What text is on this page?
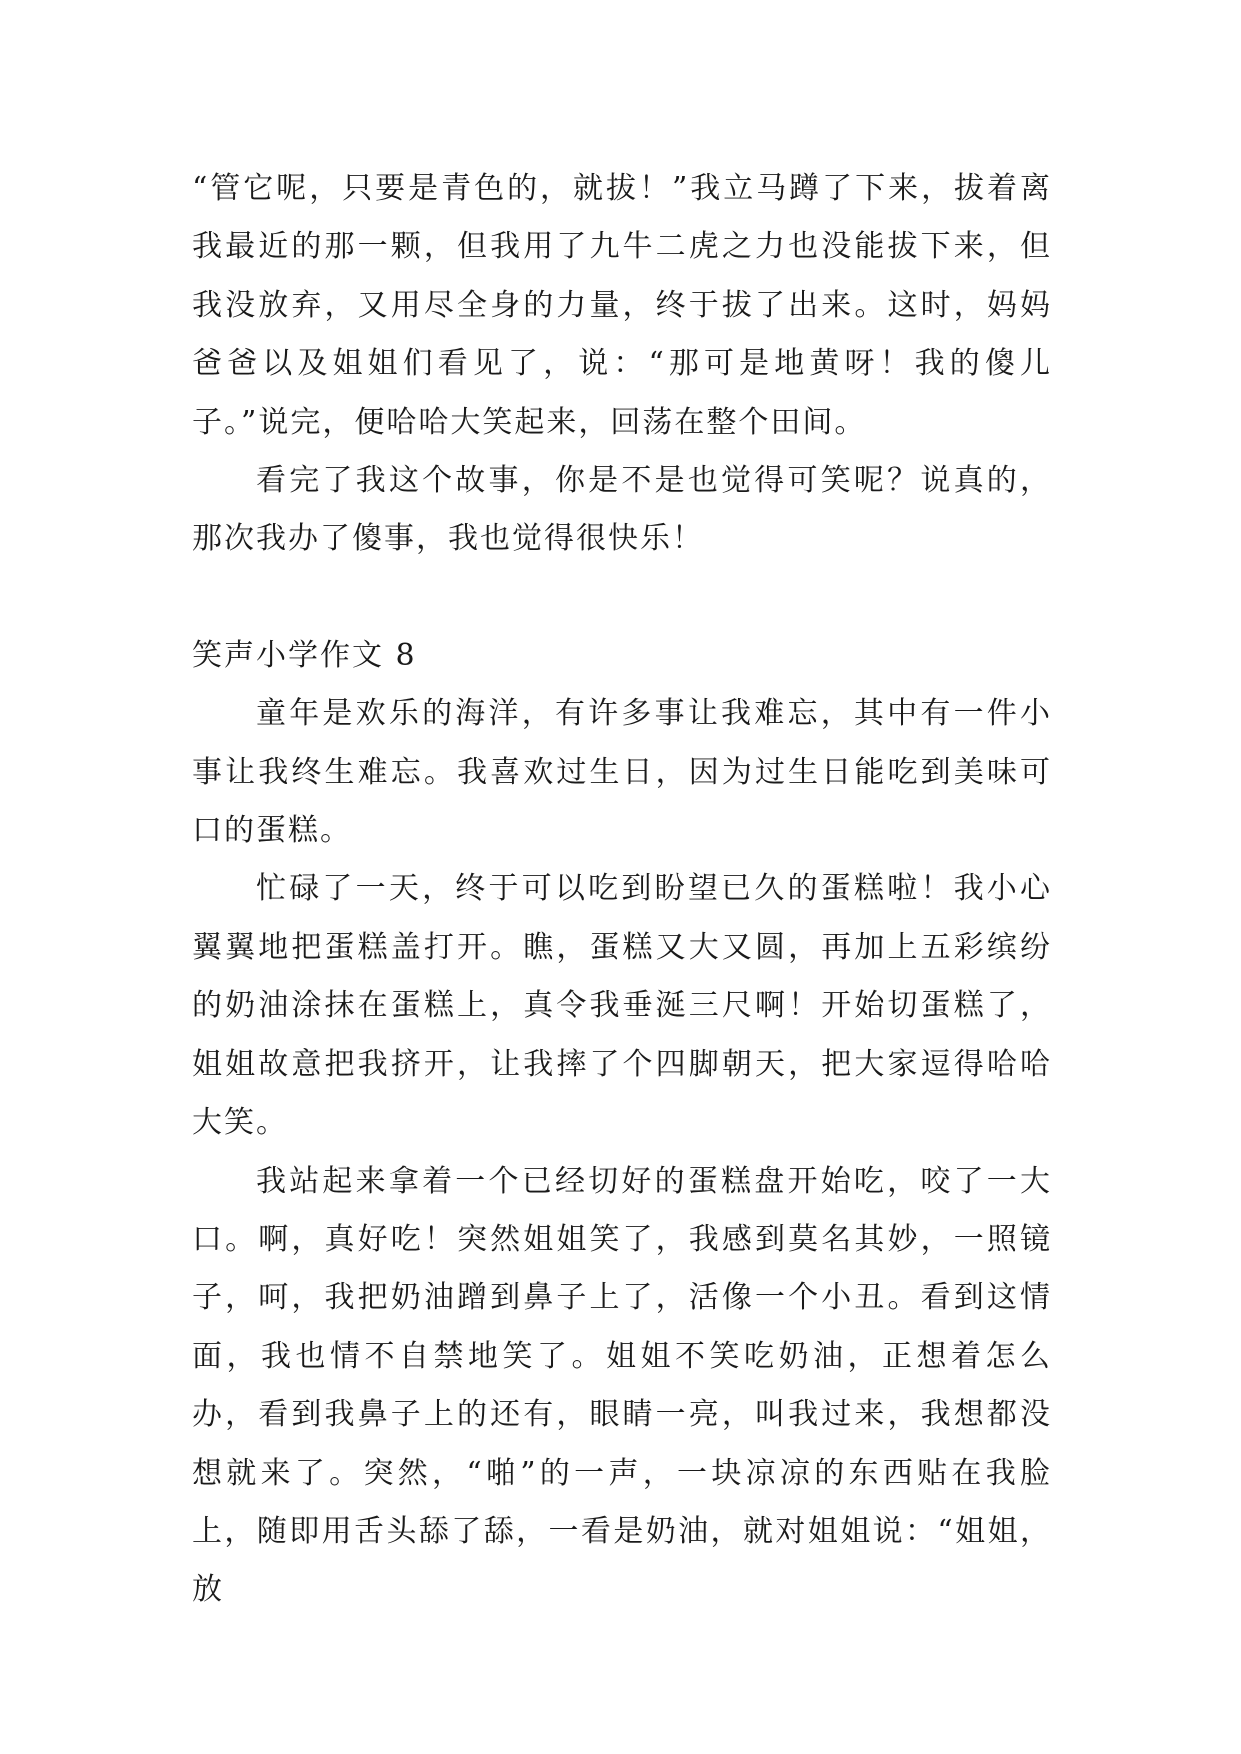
“管它呢，只要是青色的，就拔！”我立马蹲了下来，拔着离我最近的那一颗，但我用了九牛二虎之力也没能拔下来，但我没放弃，又用尽全身的力量，终于拔了出来。这时，妈妈爸爸以及姐姐们看见了，说：“那可是地黄呀！我的傻儿子。”说完，便哈哈大笑起来，回荡在整个田间。

看完了我这个故事，你是不是也觉得可笑呢？说真的，那次我办了傻事，我也觉得很快乐！

笑声小学作文 8

童年是欢乐的海洋，有许多事让我难忘，其中有一件小事让我终生难忘。我喜欢过生日，因为过生日能吃到美味可口的蛋糕。

忙碌了一天，终于可以吃到盼望已久的蛋糕啦！我小心翼翼地把蛋糕盖打开。瞧，蛋糕又大又圆，再加上五彩缤纷的奶油涂抹在蛋糕上，真令我垂涎三尺啊！开始切蛋糕了，姐姐故意把我挤开，让我摔了个四脚朝天，把大家逗得哈哈大笑。

我站起来拿着一个已经切好的蛋糕盘开始吃，咬了一大口。啊，真好吃！突然姐姐笑了，我感到莫名其妙，一照镜子，呵，我把奶油蹭到鼻子上了，活像一个小丑。看到这情面，我也情不自禁地笑了。姐姐不笑吃奶油，正想着怎么办，看到我鼻子上的还有，眼睛一亮，叫我过来，我想都没想就来了。突然，“啪”的一声，一块凉凉的东西贴在我脸上，随即用舌头舔了舔，一看是奶油，就对姐姐说：“姐姐，放
